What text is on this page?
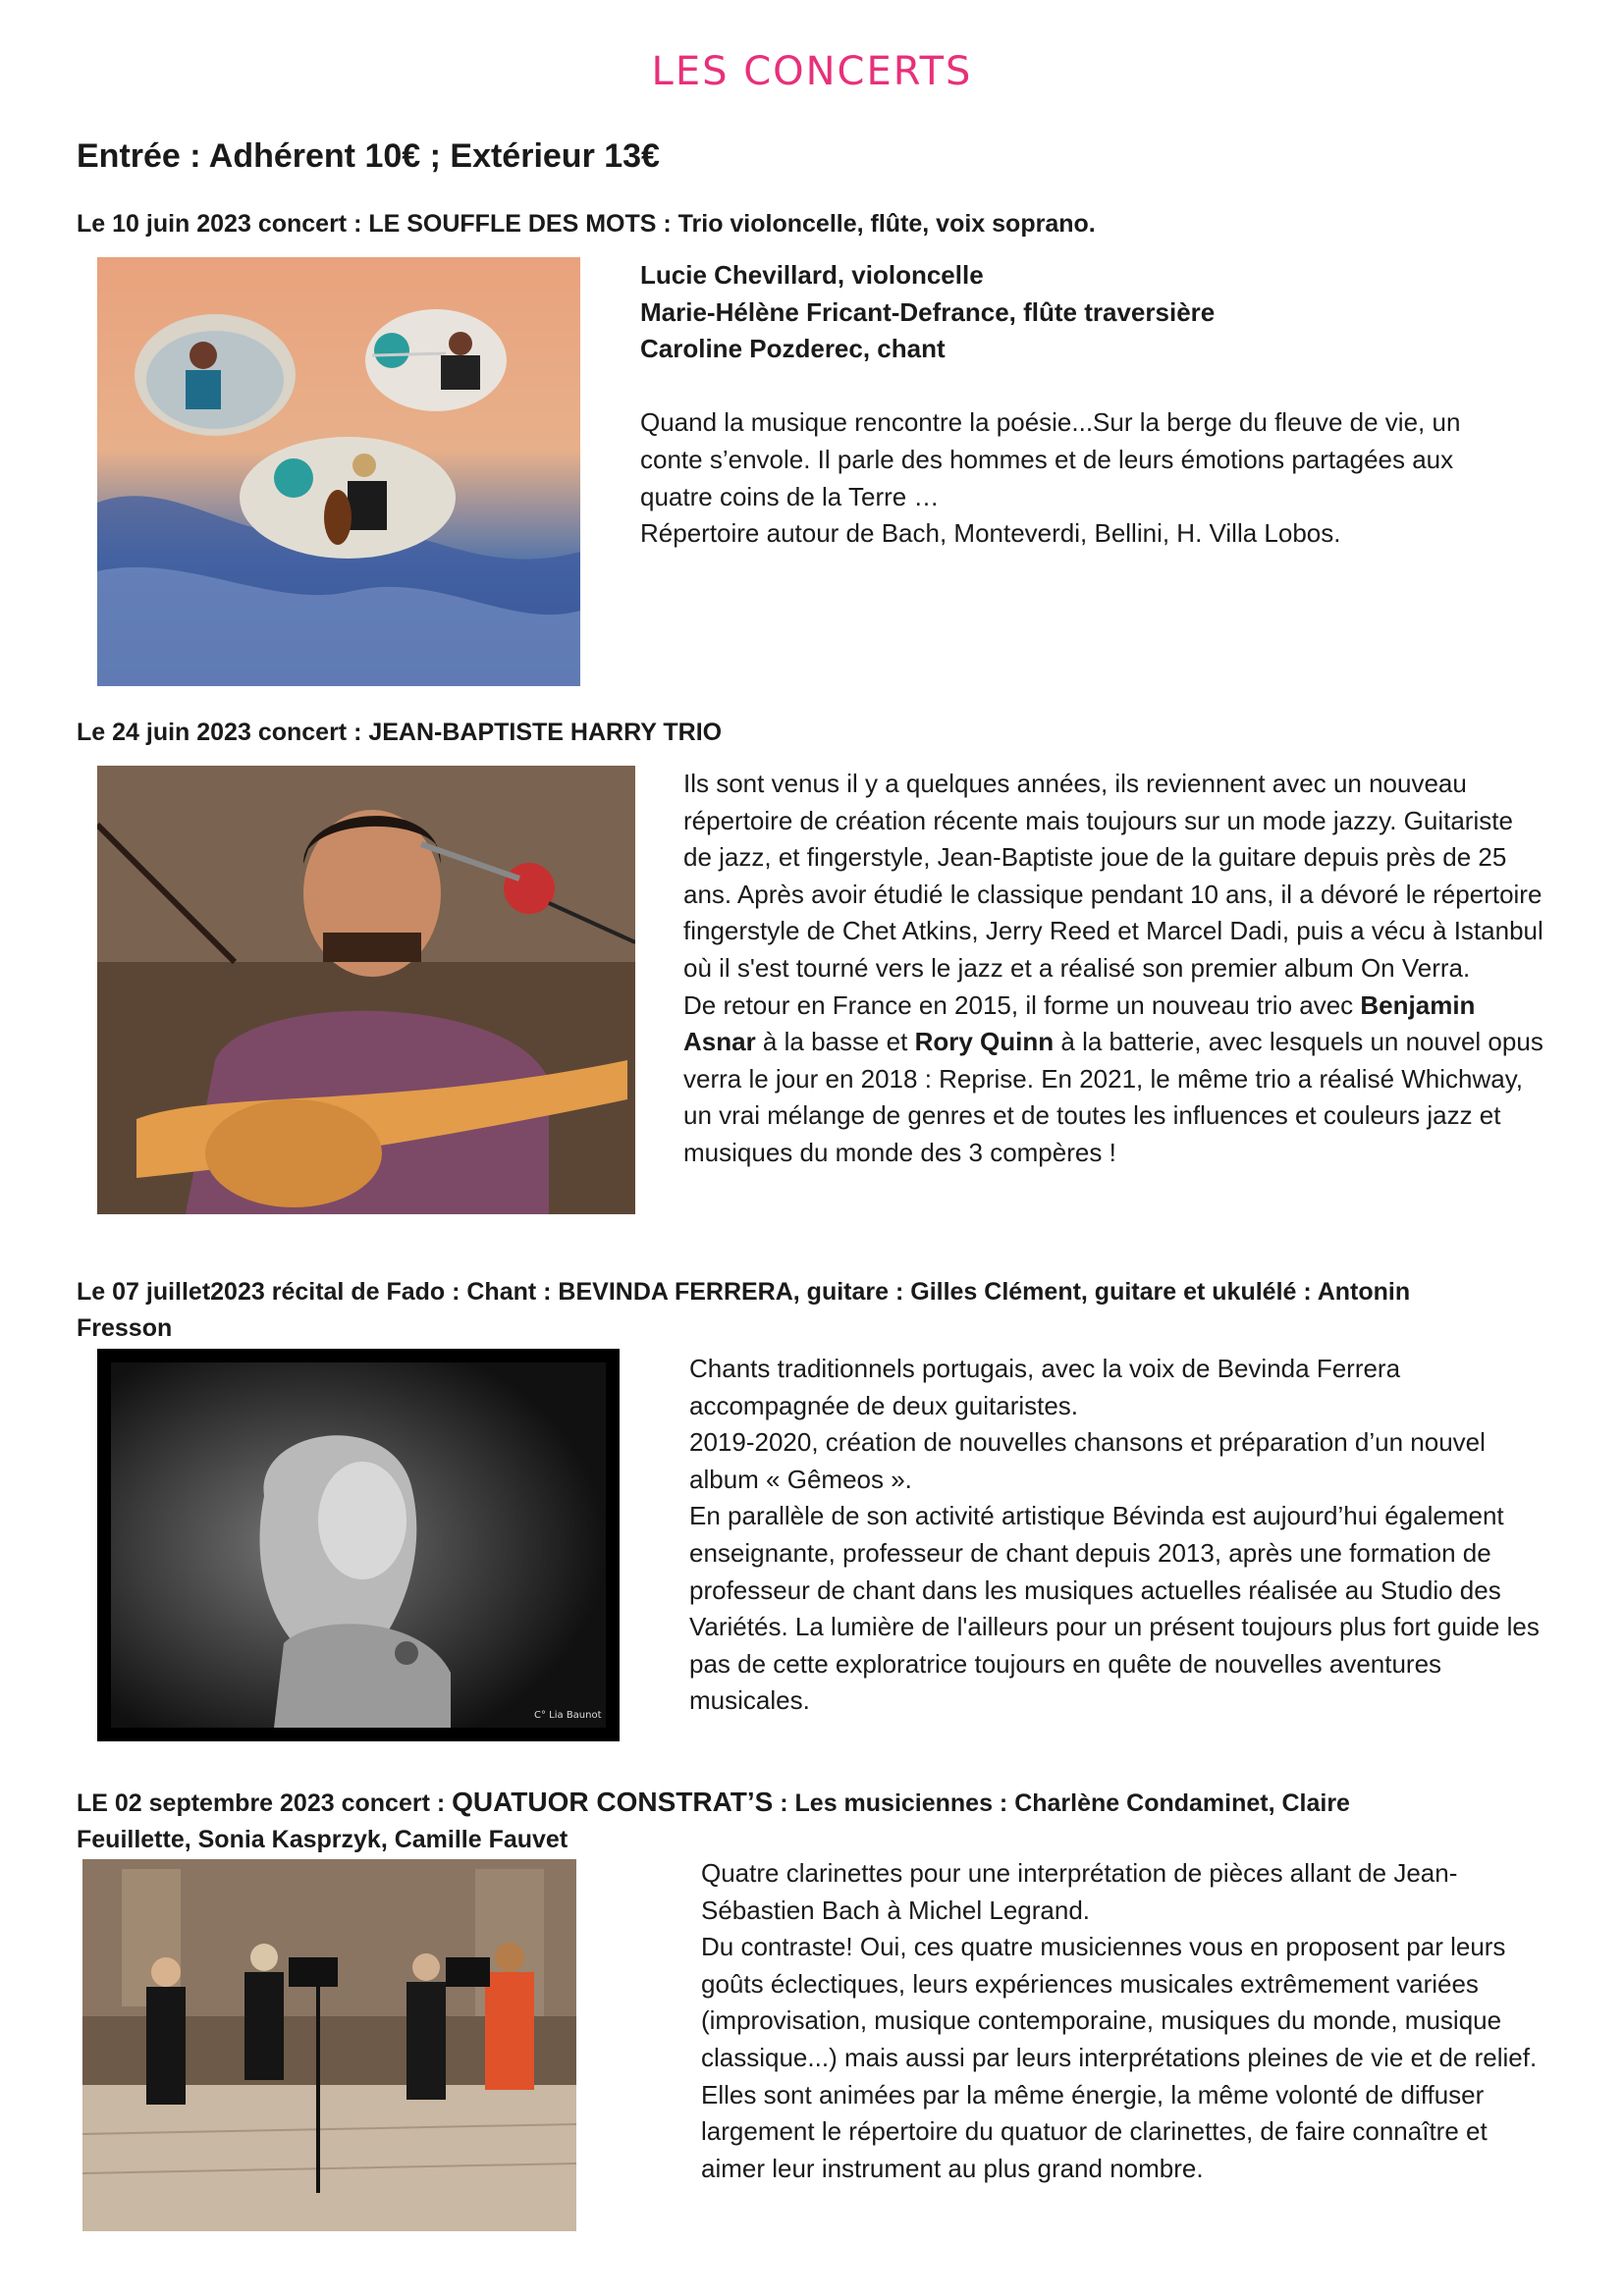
LES CONCERTS
Entrée : Adhérent 10€ ; Extérieur 13€
Le 10 juin 2023 concert : LE SOUFFLE DES MOTS : Trio violoncelle, flûte, voix soprano.

Lucie Chevillard, violoncelle

Marie-Hélène Fricant-Defrance, flûte traversière

Caroline Pozderec, chant

Quand la musique rencontre la poésie...Sur la berge du fleuve de vie, un conte s’envole. Il parle des hommes et de leurs émotions partagées aux quatre coins de la Terre …

Répertoire autour de Bach, Monteverdi, Bellini, H. Villa Lobos.

Le 24 juin 2023 concert : JEAN-BAPTISTE HARRY TRIO

Ils sont venus il y a quelques années, ils reviennent avec un nouveau répertoire de création récente mais toujours sur un mode jazzy. Guitariste de jazz, et fingerstyle, Jean-Baptiste joue de la guitare depuis près de 25 ans. Après avoir étudié le classique pendant 10 ans, il a dévoré le répertoire fingerstyle de Chet Atkins, Jerry Reed et Marcel Dadi, puis a vécu à Istanbul où il s'est tourné vers le jazz et a réalisé son premier album On Verra.

De retour en France en 2015, il forme un nouveau trio avec Benjamin Asnar à la basse et Rory Quinn à la batterie, avec lesquels un nouvel opus verra le jour en 2018 : Reprise. En 2021, le même trio a réalisé Whichway, un vrai mélange de genres et de toutes les influences et couleurs jazz et musiques du monde des 3 compères !

Le 07 juillet2023 récital de Fado : Chant : BEVINDA FERRERA, guitare : Gilles Clément, guitare et ukulélé : Antonin Fresson
C° Lia Baunot

Chants traditionnels portugais, avec la voix de Bevinda Ferrera accompagnée de deux guitaristes.

2019-2020, création de nouvelles chansons et préparation d’un nouvel album « Gêmeos ».

En parallèle de son activité artistique Bévinda est aujourd’hui également enseignante, professeur de chant depuis 2013, après une formation de professeur de chant dans les musiques actuelles réalisée au Studio des Variétés. La lumière de l'ailleurs pour un présent toujours plus fort guide les pas de cette exploratrice toujours en quête de nouvelles aventures musicales.

LE 02 septembre 2023 concert : QUATUOR CONSTRAT’S : Les musiciennes : Charlène Condaminet, Claire Feuillette, Sonia Kasprzyk, Camille Fauvet

Quatre clarinettes pour une interprétation de pièces allant de Jean-Sébastien Bach à Michel Legrand.

Du contraste! Oui, ces quatre musiciennes vous en proposent par leurs goûts éclectiques, leurs expériences musicales extrêmement variées (improvisation, musique contemporaine, musiques du monde, musique classique...) mais aussi par leurs interprétations pleines de vie et de relief. Elles sont animées par la même énergie, la même volonté de diffuser largement le répertoire du quatuor de clarinettes, de faire connaître et aimer leur instrument au plus grand nombre.
